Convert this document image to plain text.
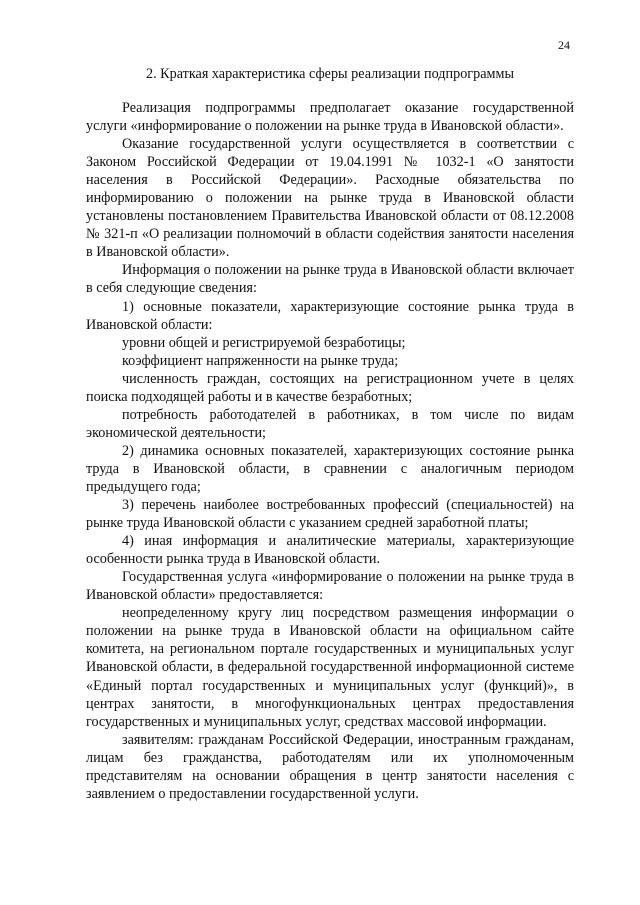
24
2. Краткая характеристика сферы реализации подпрограммы

Реализация подпрограммы предполагает оказание государственной услуги «информирование о положении на рынке труда в Ивановской области».

Оказание государственной услуги осуществляется в соответствии с Законом Российской Федерации от 19.04.1991 № 1032-1 «О занятости населения в Российской Федерации». Расходные обязательства по информированию о положении на рынке труда в Ивановской области установлены постановлением Правительства Ивановской области от 08.12.2008 № 321-п «О реализации полномочий в области содействия занятости населения в Ивановской области».

Информация о положении на рынке труда в Ивановской области включает в себя следующие сведения:

1) основные показатели, характеризующие состояние рынка труда в Ивановской области:

уровни общей и регистрируемой безработицы;

коэффициент напряженности на рынке труда;

численность граждан, состоящих на регистрационном учете в целях поиска подходящей работы и в качестве безработных;

потребность работодателей в работниках, в том числе по видам экономической деятельности;

2) динамика основных показателей, характеризующих состояние рынка труда в Ивановской области, в сравнении с аналогичным периодом предыдущего года;

3) перечень наиболее востребованных профессий (специальностей) на рынке труда Ивановской области с указанием средней заработной платы;

4) иная информация и аналитические материалы, характеризующие особенности рынка труда в Ивановской области.

Государственная услуга «информирование о положении на рынке труда в Ивановской области» предоставляется:

неопределенному кругу лиц посредством размещения информации о положении на рынке труда в Ивановской области на официальном сайте комитета, на региональном портале государственных и муниципальных услуг Ивановской области, в федеральной государственной информационной системе «Единый портал государственных и муниципальных услуг (функций)», в центрах занятости, в многофункциональных центрах предоставления государственных и муниципальных услуг, средствах массовой информации.

заявителям: гражданам Российской Федерации, иностранным гражданам, лицам без гражданства, работодателям или их уполномоченным представителям на основании обращения в центр занятости населения с заявлением о предоставлении государственной услуги.
